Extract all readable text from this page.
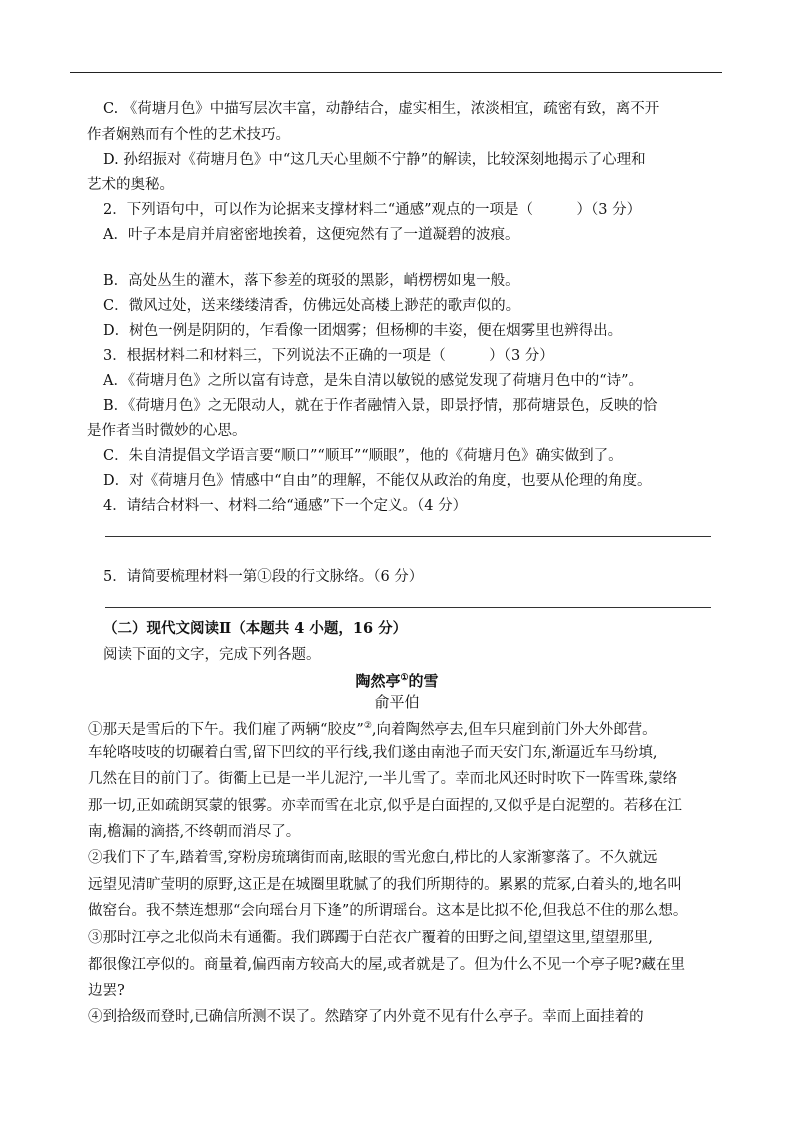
C. 《荷塘月色》中描写层次丰富，动静结合，虚实相生，浓淡相宜，疏密有致，离不开
作者娴熟而有个性的艺术技巧。
D. 孙绍振对《荷塘月色》中“这几天心里颇不宁静”的解读，比较深刻地揭示了心理和
艺术的奥秘。
2．下列语句中，可以作为论据来支撑材料二“通感”观点的一项是（　　　）（3 分）
A．叶子本是肩并肩密密地挨着，这便宛然有了一道凝碧的波痕。
B．高处丛生的灌木，落下参差的斑驳的黑影，峭楞楞如鬼一般。
C．微风过处，送来缕缕清香，仿佛远处高楼上渺茫的歌声似的。
D．树色一例是阴阴的，乍看像一团烟雾；但杨柳的丰姿，便在烟雾里也辨得出。
3．根据材料二和材料三，下列说法不正确的一项是（　　　）（3 分）
A．《荷塘月色》之所以富有诗意，是朱自清以敏锐的感觉发现了荷塘月色中的“诗”。
B．《荷塘月色》之无限动人，就在于作者融情入景，即景抒情，那荷塘景色，反映的恰
是作者当时微妙的心思。
C．朱自清提倡文学语言要“顺口”“顺耳”“顺眼”，他的《荷塘月色》确实做到了。
D．对《荷塘月色》情感中“自由”的理解，不能仅从政治的角度，也要从伦理的角度。
4．请结合材料一、材料二给“通感”下一个定义。（4 分）
5．请简要梳理材料一第①段的行文脉络。（6 分）
（二）现代文阅读Ⅱ（本题共 4 小题，16 分）
阅读下面的文字，完成下列各题。
陶然亭①的雪
俞平伯
①那天是雪后的下午。我们雇了两辆“胶皮”②,向着陶然亭去,但车只雇到前门外大外郎营。
车轮咯吱吱的切碾着白雪,留下凹纹的平行线,我们遂由南池子而天安门东,渐逼近车马纷填,
几然在目的前门了。街衢上已是一半儿泥泞,一半儿雪了。幸而北风还时时吹下一阵雪珠,蒙络
那一切,正如疏朗冥蒙的银雾。亦幸而雪在北京,似乎是白面捏的,又似乎是白泥塑的。若移在江
南,檐漏的滴搭,不终朝而消尽了。
②我们下了车,踏着雪,穿粉房琉璃街而南,眩眼的雪光愈白,栉比的人家渐寥落了。不久就远
远望见清旷莹明的原野,这正是在城圈里耽腻了的我们所期待的。累累的荒冢,白着头的,地名叫
做窑台。我不禁连想那“会向瑶台月下逢”的所谓瑶台。这本是比拟不伦,但我总不住的那么想。
③那时江亭之北似尚未有通衢。我们踯躅于白茫衣广覆着的田野之间,望望这里,望望那里,
都很像江亭似的。商量着,偏西南方较高大的屋,或者就是了。但为什么不见一个亭子呢?藏在里
边罢?
④到拾级而登时,已确信所测不误了。然踏穿了内外竟不见有什么亭子。幸而上面挂着的
